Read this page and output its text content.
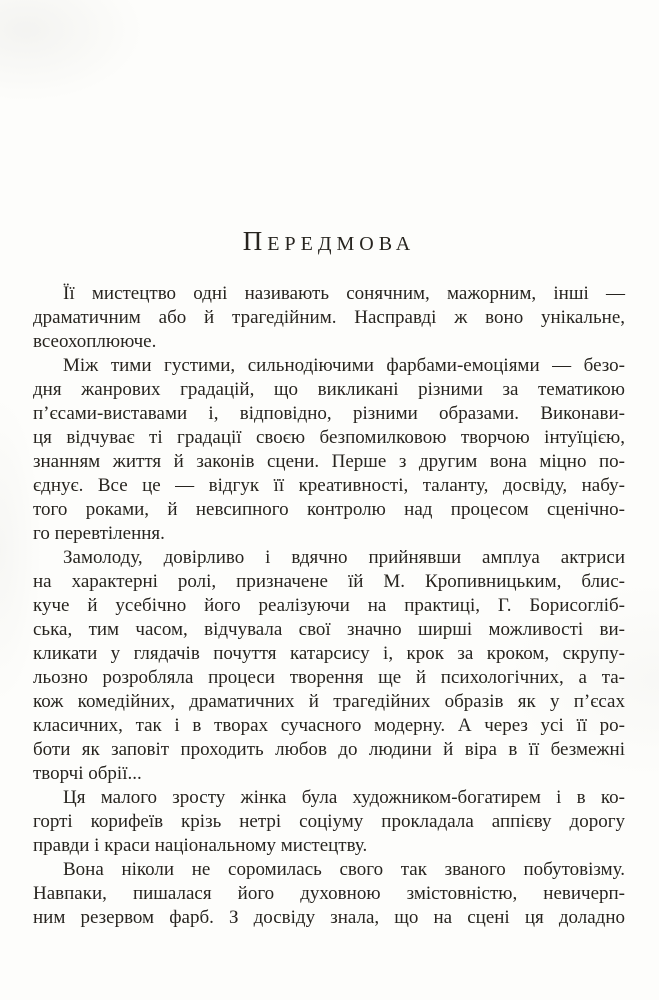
ПЕРЕДМОВА
Її мистецтво одні називають сонячним, мажорним, інші —
драматичним або й трагедійним. Насправді ж воно унікальне,
всеохоплююче.
Між тими густими, сильнодіючими фарбами-емоціями — безо-
дня жанрових градацій, що викликані різними за тематикою
п’єсами-виставами і, відповідно, різними образами. Виконави-
ця відчуває ті градації своєю безпомилковою творчою інтуїцією,
знанням життя й законів сцени. Перше з другим вона міцно по-
єднує. Все це — відгук її креативності, таланту, досвіду, набу-
того роками, й невсипного контролю над процесом сценічно-
го перевтілення.
Замолоду, довірливо і вдячно прийнявши амплуа актриси
на характерні ролі, призначене їй М. Кропивницьким, блис-
куче й усебічно його реалізуючи на практиці, Г. Борисогліб-
ська, тим часом, відчувала свої значно ширші можливості ви-
кликати у глядачів почуття катарсису і, крок за кроком, скрупу-
льозно розробляла процеси творення ще й психологічних, а та-
кож комедійних, драматичних й трагедійних образів як у п’єсах
класичних, так і в творах сучасного модерну. А через усі її ро-
боти як заповіт проходить любов до людини й віра в її безмежні
творчі обрії...
Ця малого зросту жінка була художником-богатирем і в ко-
горті корифеїв крізь нетрі соціуму прокладала аппієву дорогу
правди і краси національному мистецтву.
Вона ніколи не соромилась свого так званого побутовізму.
Навпаки, пишалася його духовною змістовністю, невичерп-
ним резервом фарб. З досвіду знала, що на сцені ця доладно
